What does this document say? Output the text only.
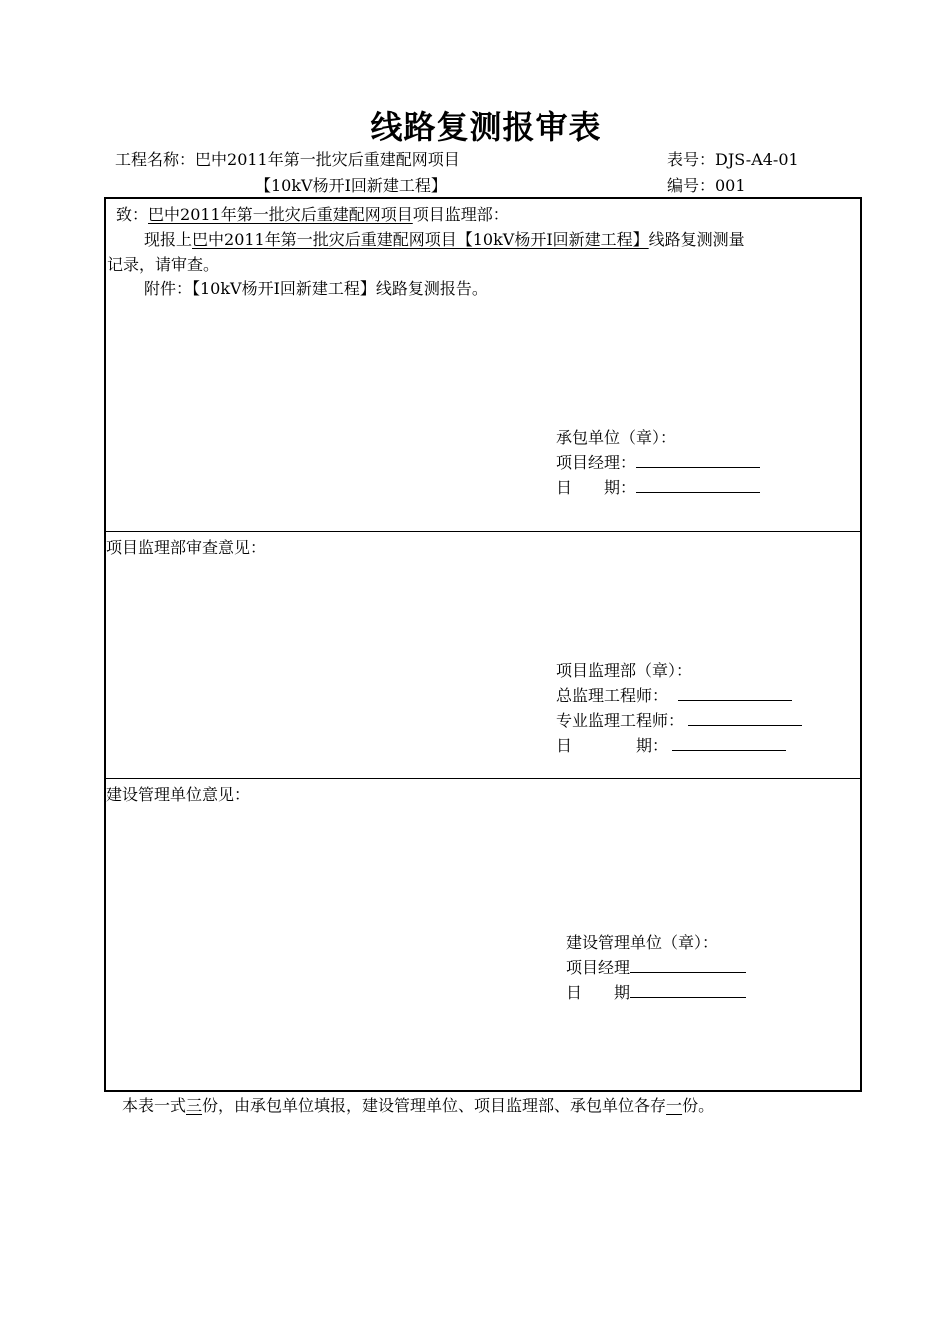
线路复测报审表
工程名称：巴中2011年第一批灾后重建配网项目
【10kV杨开Ⅰ回新建工程】
表号：DJS-A4-01
编号：001
致：巴中2011年第一批灾后重建配网项目项目监理部：
现报上巴中2011年第一批灾后重建配网项目【10kV杨开Ⅰ回新建工程】线路复测测量
记录，请审查。
附件：【10kV杨开Ⅰ回新建工程】线路复测报告。
承包单位（章）：
项目经理：
日　　期：
项目监理部审查意见：
项目监理部（章）：
总监理工程师：
专业监理工程师：
日　　　　期：
建设管理单位意见：
建设管理单位（章）：
项目经理
日　　期
本表一式三份，由承包单位填报，建设管理单位、项目监理部、承包单位各存一份。
